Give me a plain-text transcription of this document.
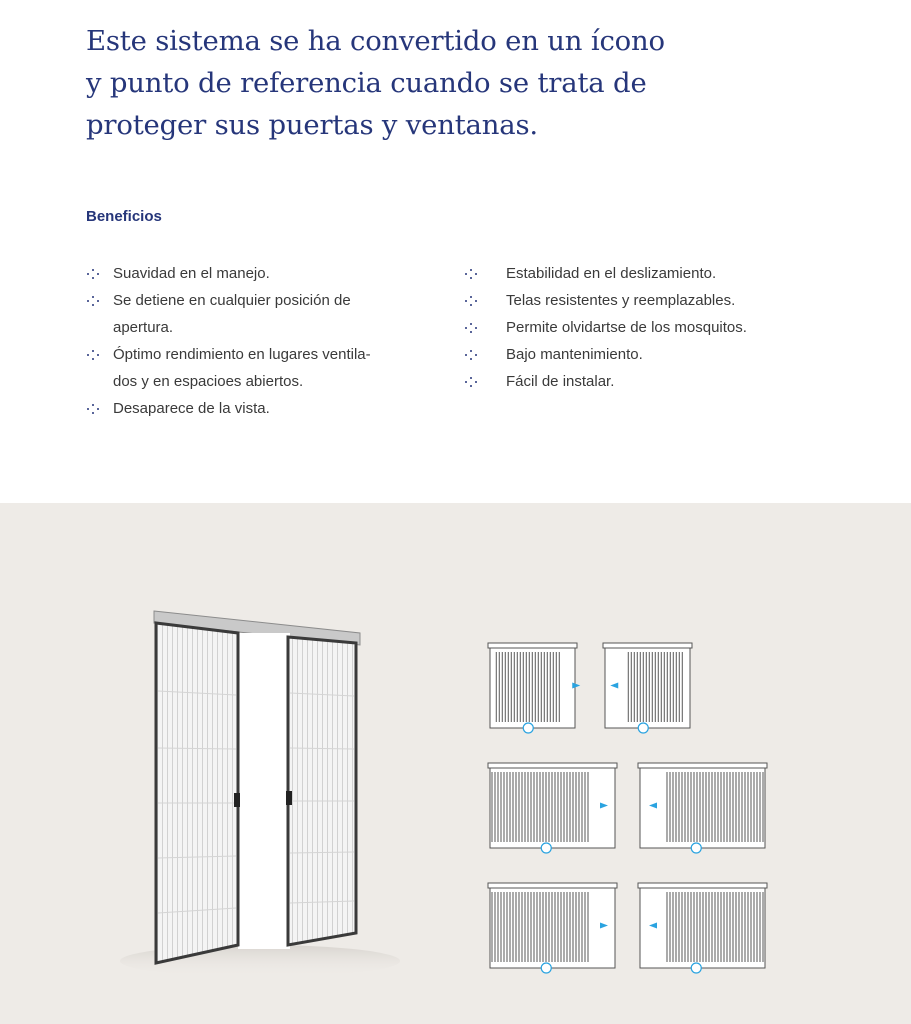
Este sistema se ha convertido en un ícono
y punto de referencia cuando se trata de
proteger sus puertas y ventanas.
Beneficios
Suavidad en el manejo.
Se detiene en cualquier posición de
apertura.
Óptimo rendimiento en lugares ventila-
dos y en espacioes abiertos.
Desaparece de la vista.
Estabilidad en el deslizamiento.
Telas resistentes y reemplazables.
Permite olvidartse de los mosquitos.
Bajo mantenimiento.
Fácil de instalar.
